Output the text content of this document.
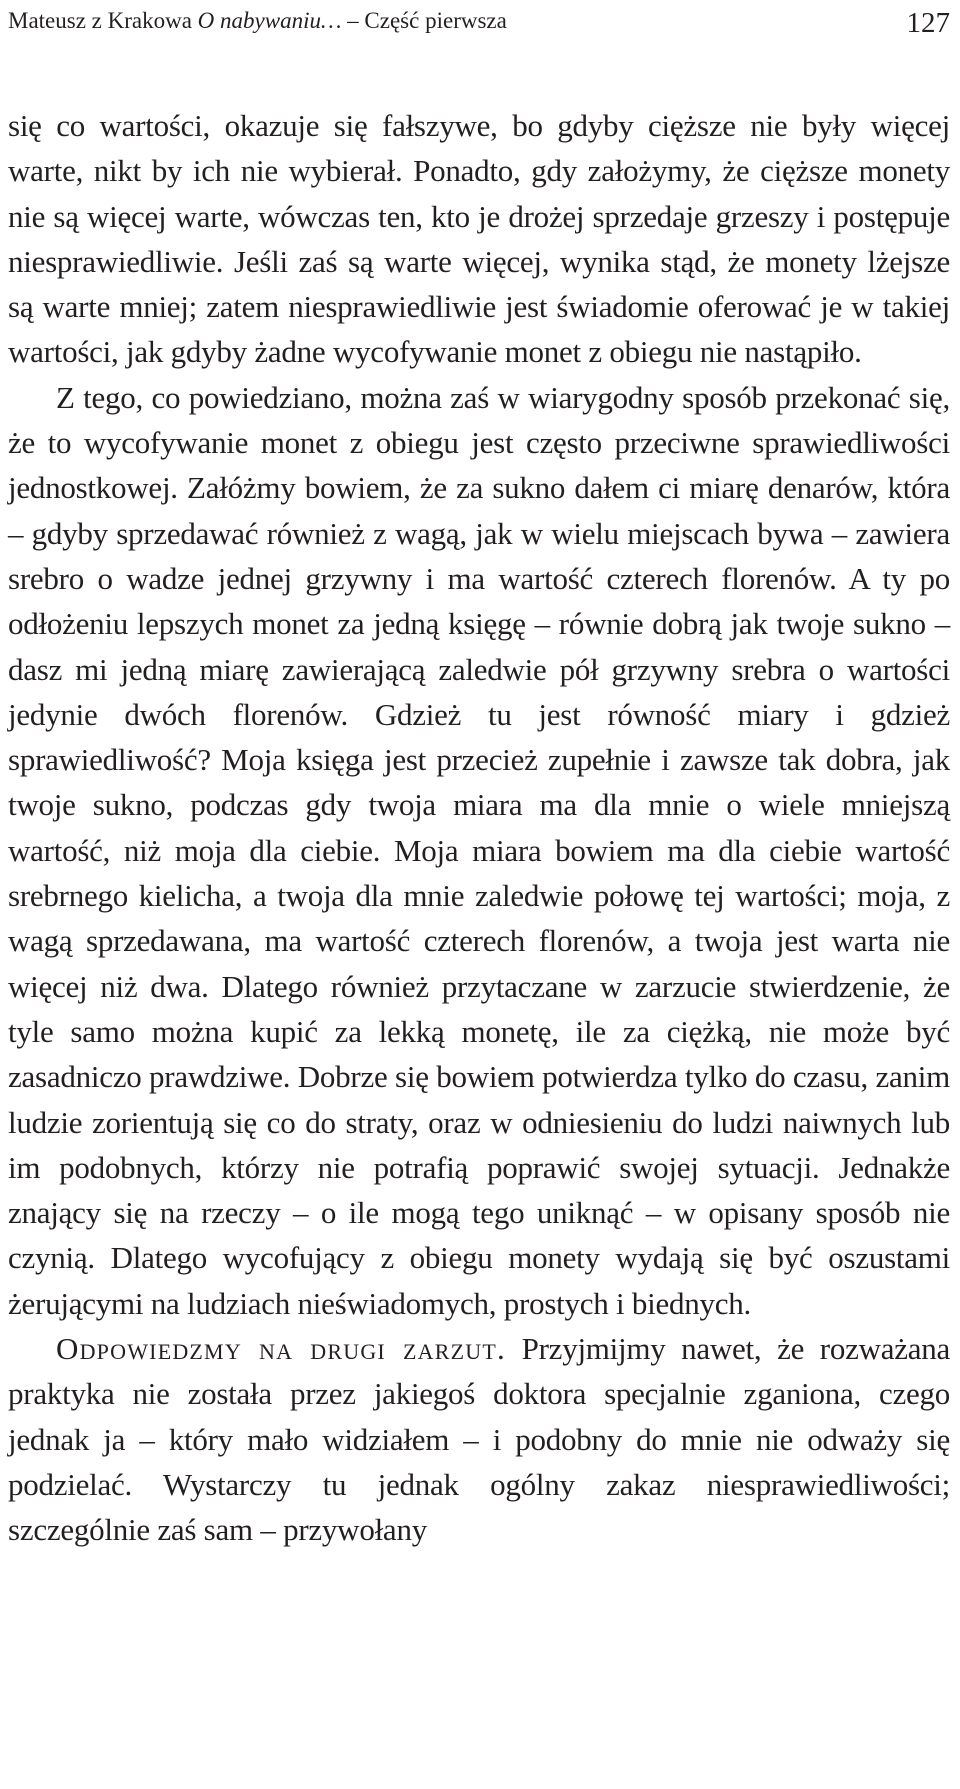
Mateusz z Krakowa O nabywaniu… – Część pierwsza	127

się co wartości, okazuje się fałszywe, bo gdyby cięższe nie były więcej warte, nikt by ich nie wybierał. Ponadto, gdy założymy, że cięższe monety nie są więcej warte, wówczas ten, kto je drożej sprzedaje grzeszy i postępuje niesprawiedliwie. Jeśli zaś są warte więcej, wynika stąd, że monety lżejsze są warte mniej; zatem niesprawiedliwie jest świadomie oferować je w takiej wartości, jak gdyby żadne wycofywanie monet z obiegu nie nastąpiło.

Z tego, co powiedziano, można zaś w wiarygodny sposób przekonać się, że to wycofywanie monet z obiegu jest często przeciwne sprawiedliwości jednostkowej. Załóżmy bowiem, że za sukno dałem ci miarę denarów, która – gdyby sprzedawać również z wagą, jak w wielu miejscach bywa – zawiera srebro o wadze jednej grzywny i ma wartość czterech florenów. A ty po odłożeniu lepszych monet za jedną księgę – równie dobrą jak twoje sukno – dasz mi jedną miarę zawierającą zaledwie pół grzywny srebra o wartości jedynie dwóch florenów. Gdzież tu jest równość miary i gdzież sprawiedliwość? Moja księga jest przecież zupełnie i zawsze tak dobra, jak twoje sukno, podczas gdy twoja miara ma dla mnie o wiele mniejszą wartość, niż moja dla ciebie. Moja miara bowiem ma dla ciebie wartość srebrnego kielicha, a twoja dla mnie zaledwie połowę tej wartości; moja, z wagą sprzedawana, ma wartość czterech florenów, a twoja jest warta nie więcej niż dwa. Dlatego również przytaczane w zarzucie stwierdzenie, że tyle samo można kupić za lekką monetę, ile za ciężką, nie może być zasadniczo prawdziwe. Dobrze się bowiem potwierdza tylko do czasu, zanim ludzie zorientują się co do straty, oraz w odniesieniu do ludzi naiwnych lub im podobnych, którzy nie potrafią poprawić swojej sytuacji. Jednakże znający się na rzeczy – o ile mogą tego uniknąć – w opisany sposób nie czynią. Dlatego wycofujący z obiegu monety wydają się być oszustami żerującymi na ludziach nieświadomych, prostych i biednych.

Odpowiedzmy na drugi zarzut. Przyjmijmy nawet, że rozważana praktyka nie została przez jakiegoś doktora specjalnie zganiona, czego jednak ja – który mało widziałem – i podobny do mnie nie odważy się podzielać. Wystarczy tu jednak ogólny zakaz niesprawiedliwości; szczególnie zaś sam – przywołany
